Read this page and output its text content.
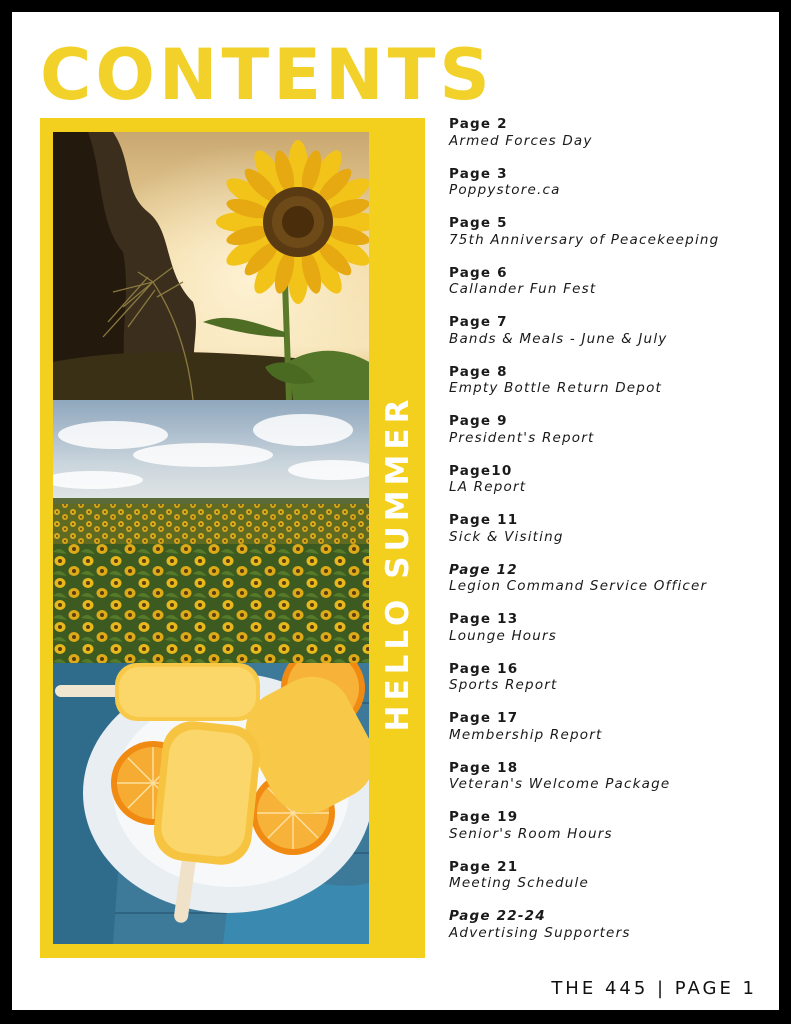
CONTENTS
HELLO SUMMER
Page 2
Armed Forces Day
Page 3
Poppystore.ca
Page 5
75th Anniversary of Peacekeeping
Page 6
Callander Fun Fest
Page 7
Bands & Meals - June & July
Page 8
Empty Bottle Return Depot
Page 9
President's Report
Page10
LA Report
Page 11
Sick & Visiting
Page 12
Legion Command Service Officer
Page 13
Lounge Hours
Page 16
Sports Report
Page 17
Membership Report
Page 18
Veteran's Welcome Package
Page 19
Senior's Room Hours
Page 21
Meeting Schedule
Page 22-24
Advertising Supporters

THE 445 | PAGE 1
